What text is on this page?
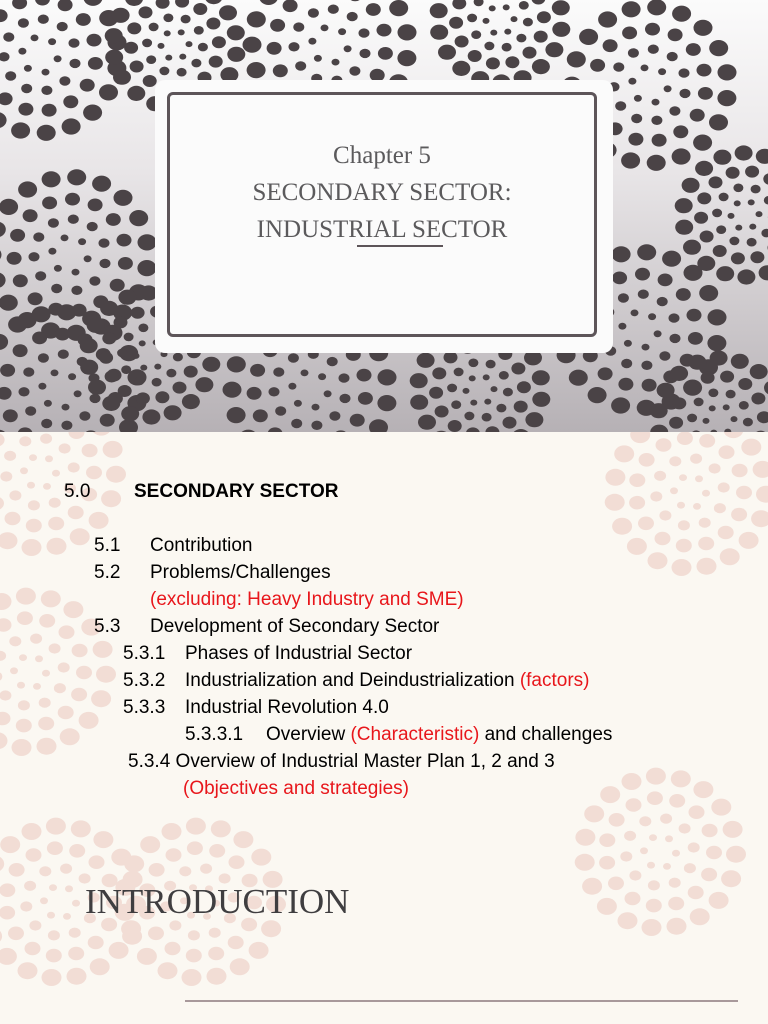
Chapter 5
SECONDARY SECTOR:
INDUSTRIAL SECTOR
5.0 SECONDARY SECTOR
5.1 Contribution
5.2 Problems/Challenges
(excluding: Heavy Industry and SME)
5.3 Development of Secondary Sector
5.3.1 Phases of Industrial Sector
5.3.2 Industrialization and Deindustrialization (factors)
5.3.3 Industrial Revolution 4.0
5.3.3.1 Overview (Characteristic) and challenges
5.3.4 Overview of Industrial Master Plan 1, 2 and 3
(Objectives and strategies)
INTRODUCTION
